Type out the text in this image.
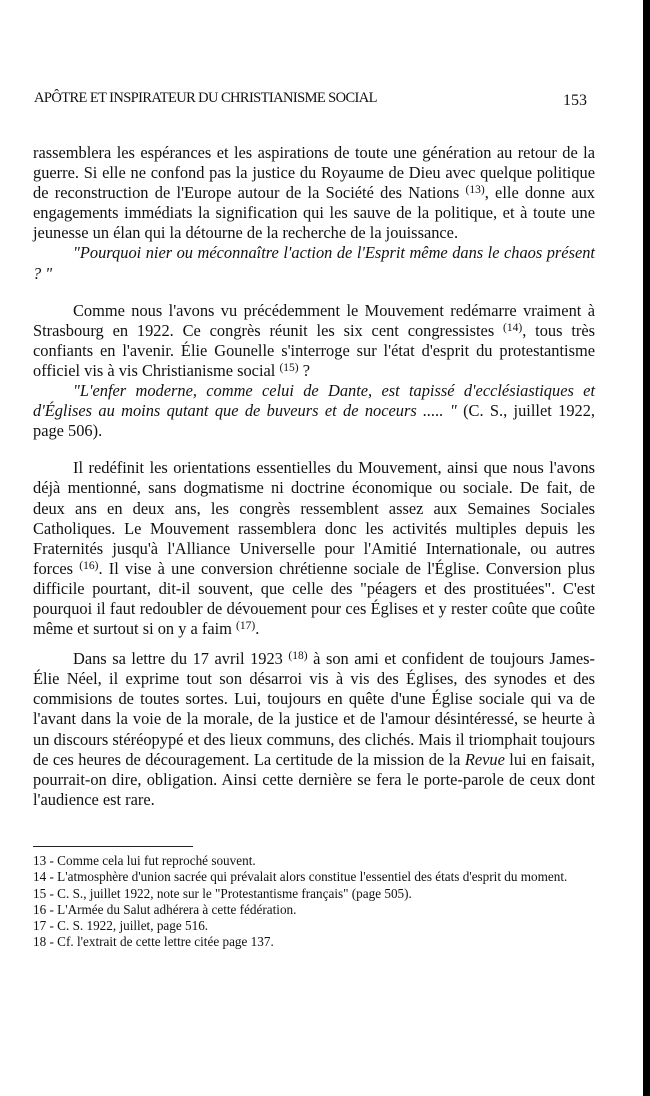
APÔTRE ET INSPIRATEUR DU CHRISTIANISME SOCIAL	153

rassemblera les espérances et les aspirations de toute une génération au retour de la guerre. Si elle ne confond pas la justice du Royaume de Dieu avec quelque politique de reconstruction de l'Europe autour de la Société des Nations $^{(13)}$, elle donne aux engagements immédiats la signification qui les sauve de la politique, et à toute une jeunesse un élan qui la détourne de la recherche de la jouissance.

"Pourquoi nier ou méconnaître l'action de l'Esprit même dans le chaos présent ? "

Comme nous l'avons vu précédemment le Mouvement redémarre vraiment à Strasbourg en 1922. Ce congrès réunit les six cent congressistes $^{(14)}$, tous très confiants en l'avenir. Élie Gounelle s'interroge sur l'état d'esprit du protestantisme officiel vis à vis Christianisme social $^{(15)}$ ?

"L'enfer moderne, comme celui de Dante, est tapissé d'ecclésiastiques et d'Églises au moins qutant que de buveurs et de noceurs ..... " (C. S., juillet 1922, page 506).

Il redéfinit les orientations essentielles du Mouvement, ainsi que nous l'avons déjà mentionné, sans dogmatisme ni doctrine économique ou sociale. De fait, de deux ans en deux ans, les congrès ressemblent assez aux Semaines Sociales Catholiques. Le Mouvement rassemblera donc les activités multiples depuis les Fraternités jusqu'à l'Alliance Universelle pour l'Amitié Internationale, ou autres forces $^{(16)}$. Il vise à une conversion chrétienne sociale de l'Église. Conversion plus difficile pourtant, dit-il souvent, que celle des "péagers et des prostituées". C'est pourquoi il faut redoubler de dévouement pour ces Églises et y rester coûte que coûte même et surtout si on y a faim $^{(17)}$.

Dans sa lettre du 17 avril 1923 $^{(18)}$ à son ami et confident de toujours James-Élie Néel, il exprime tout son désarroi vis à vis des Églises, des synodes et des commisions de toutes sortes. Lui, toujours en quête d'une Église sociale qui va de l'avant dans la voie de la morale, de la justice et de l'amour désintéressé, se heurte à un discours stéréopypé et des lieux communs, des clichés. Mais il triomphait toujours de ces heures de découragement. La certitude de la mission de la Revue lui en faisait, pourrait-on dire, obligation. Ainsi cette dernière se fera le porte-parole de ceux dont l'audience est rare.

13 - Comme cela lui fut reproché souvent.
14 - L'atmosphère d'union sacrée qui prévalait alors constitue l'essentiel des états d'esprit du moment.
15 - C. S., juillet 1922, note sur le "Protestantisme français" (page 505).
16 - L'Armée du Salut adhérera à cette fédération.
17 - C. S. 1922, juillet, page 516.
18 - Cf. l'extrait de cette lettre citée page 137.
